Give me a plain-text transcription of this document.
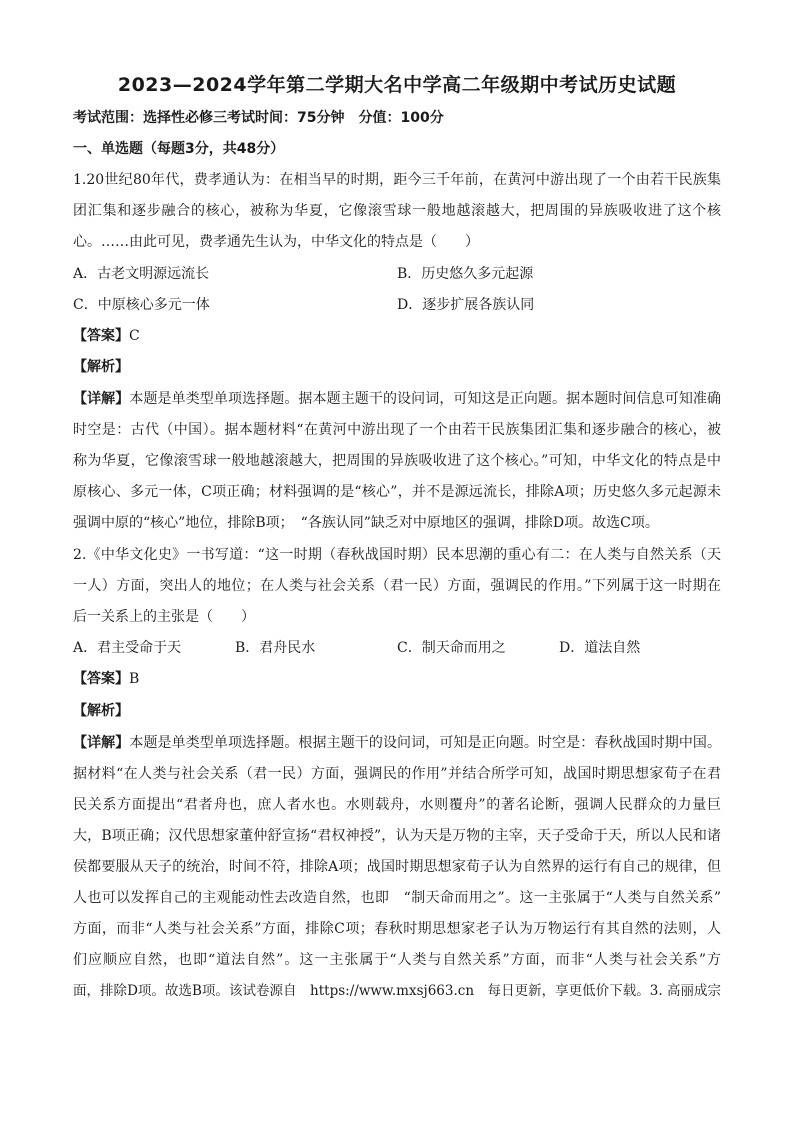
2023—2024学年第二学期大名中学高二年级期中考试历史试题
考试范围：选择性必修三考试时间：75分钟　分值：100分
一、单选题（每题3分，共48分）
1.20世纪80年代，费孝通认为：在相当早的时期，距今三千年前，在黄河中游出现了一个由若干民族集
团汇集和逐步融合的核心，被称为华夏，它像滚雪球一般地越滚越大，把周围的异族吸收进了这个核
心。……由此可见，费孝通先生认为，中华文化的特点是（　　）
A．古老文明源远流长	B．历史悠久多元起源
C．中原核心多元一体	D．逐步扩展各族认同
【答案】C
【解析】
【详解】本题是单类型单项选择题。据本题主题干的设问词，可知这是正向题。据本题时间信息可知准确
时空是：古代（中国）。据本题材料“在黄河中游出现了一个由若干民族集团汇集和逐步融合的核心，被
称为华夏，它像滚雪球一般地越滚越大，把周围的异族吸收进了这个核心。”可知，中华文化的特点是中
原核心、多元一体，C项正确；材料强调的是“核心”，并不是源远流长，排除A项；历史悠久多元起源未
强调中原的“核心”地位，排除B项；　“各族认同”缺乏对中原地区的强调，排除D项。故选C项。
2.《中华文化史》一书写道：“这一时期（春秋战国时期）民本思潮的重心有二：在人类与自然关系（天
一人）方面，突出人的地位；在人类与社会关系（君一民）方面，强调民的作用。”下列属于这一时期在
后一关系上的主张是（　　）
A．君主受命于天	B．君舟民水	C．制天命而用之	D．道法自然
【答案】B
【解析】
【详解】本题是单类型单项选择题。根据主题干的设问词，可知是正向题。时空是：春秋战国时期中国。
据材料“在人类与社会关系（君一民）方面，强调民的作用”并结合所学可知，战国时期思想家荀子在君
民关系方面提出“君者舟也，庶人者水也。水则载舟，水则覆舟”的著名论断，强调人民群众的力量巨
大，B项正确；汉代思想家董仲舒宣扬“君权神授”，认为天是万物的主宰，天子受命于天，所以人民和诸
侯都要服从天子的统治，时间不符，排除A项；战国时期思想家荀子认为自然界的运行有自己的规律，但
人也可以发挥自己的主观能动性去改造自然，也即　“制天命而用之”。这一主张属于“人类与自然关系”
方面，而非“人类与社会关系”方面，排除C项；春秋时期思想家老子认为万物运行有其自然的法则，人
们应顺应自然，也即“道法自然”。这一主张属于“人类与自然关系”方面，而非“人类与社会关系”方
面，排除D项。故选B项。该试卷源自　https://www.mxsj663.cn　每日更新，享更低价下载。3. 高丽成宗
